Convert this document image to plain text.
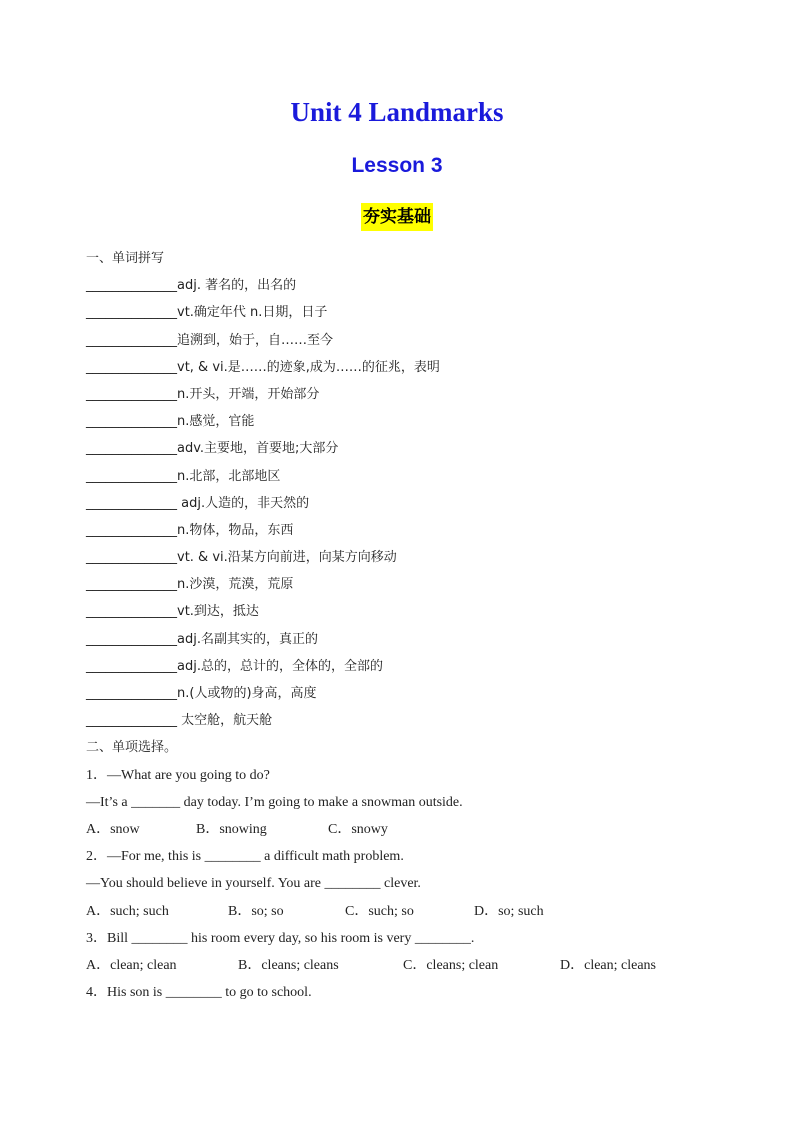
Unit 4 Landmarks
Lesson 3
夯实基础
一、单词拼写
______________adj. 著名的，出名的
______________vt.确定年代 n.日期，日子
______________追溯到，始于，自……至今
______________vt, & vi.是……的迹象,成为……的征兆，表明
______________n.开头，开端，开始部分
______________n.感觉，官能
______________adv.主要地，首要地;大部分
______________n.北部，北部地区
______________ adj.人造的，非天然的
______________n.物体，物品，东西
______________vt. & vi.沿某方向前进，向某方向移动
______________n.沙漠，荒漠，荒原
______________vt.到达，抵达
______________adj.名副其实的，真正的
______________adj.总的，总计的，全体的，全部的
______________n.(人或物的)身高，高度
______________ 太空舱，航天舱
二、单项选择。
1．—What are you going to do?
—It’s a _______ day today. I’m going to make a snowman outside.
A．snow	B．snowing	C．snowy
2．—For me, this is ________ a difficult math problem.
—You should believe in yourself. You are ________ clever.
A．such; such	B．so; so	C．such; so	D．so; such
3．Bill ________ his room every day, so his room is very ________.
A．clean; clean	B．cleans; cleans	C．cleans; clean	D．clean; cleans
4．His son is ________ to go to school.
